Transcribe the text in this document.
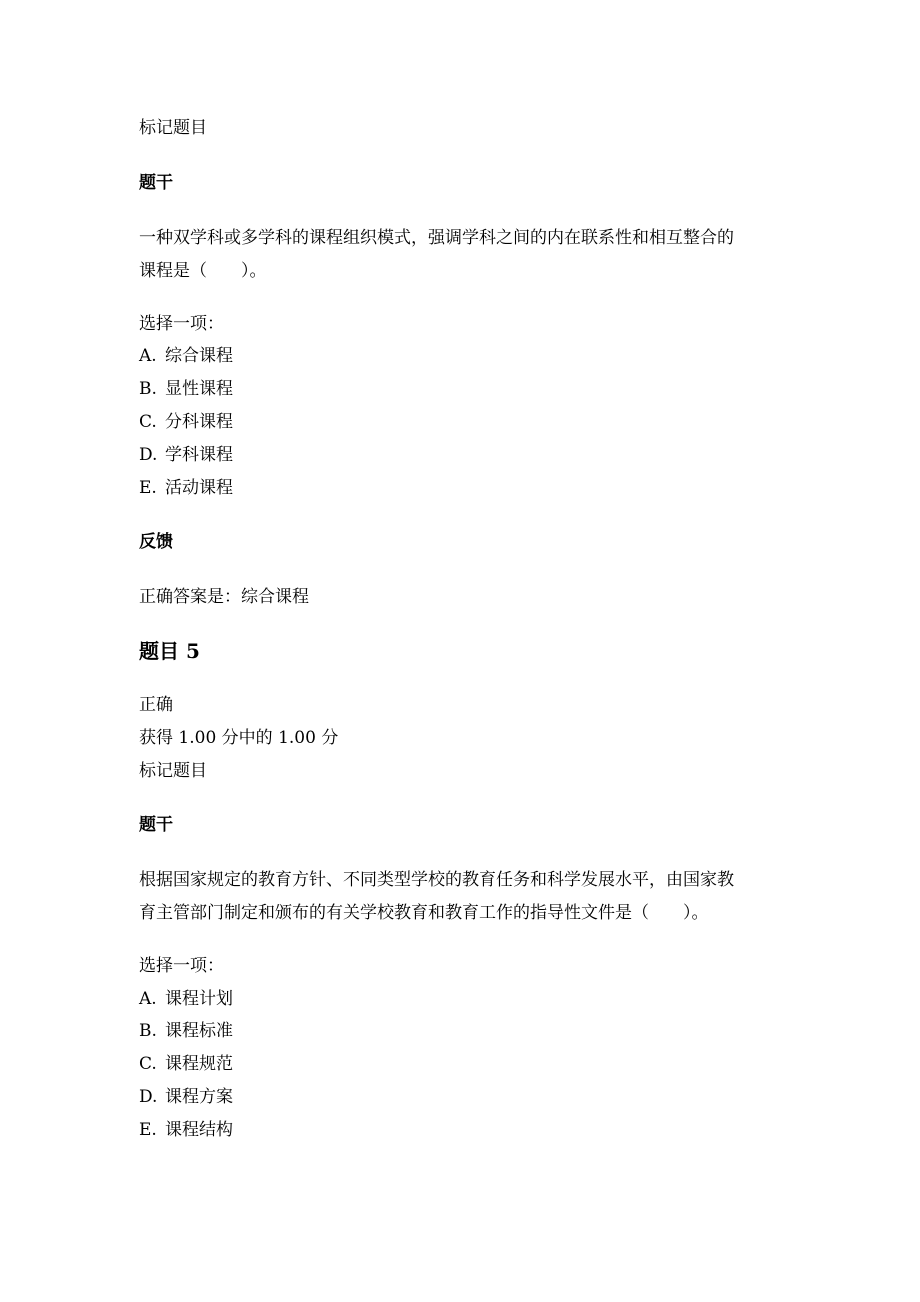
标记题目
题干
一种双学科或多学科的课程组织模式，强调学科之间的内在联系性和相互整合的
课程是（　　）。
选择一项：
A. 综合课程
B. 显性课程
C. 分科课程
D. 学科课程
E. 活动课程
反馈
正确答案是：综合课程
题目 5
正确
获得 1.00 分中的 1.00 分
标记题目
题干
根据国家规定的教育方针、不同类型学校的教育任务和科学发展水平，由国家教
育主管部门制定和颁布的有关学校教育和教育工作的指导性文件是（　　）。
选择一项：
A. 课程计划
B. 课程标准
C. 课程规范
D. 课程方案
E. 课程结构
